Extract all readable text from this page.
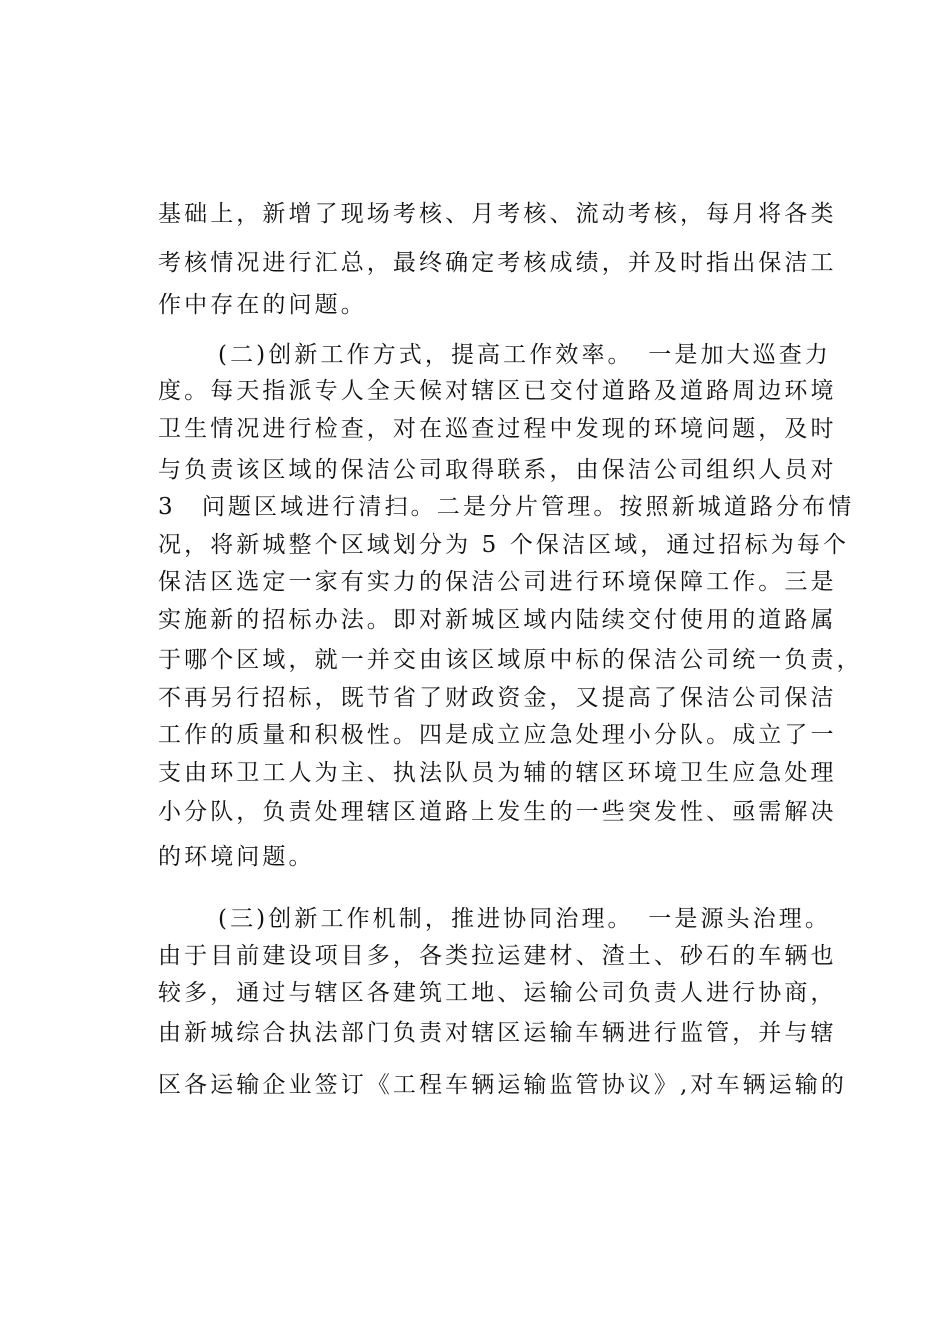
基础上，新增了现场考核、月考核、流动考核，每月将各类
考核情况进行汇总，最终确定考核成绩，并及时指出保洁工
作中存在的问题。
(二)创新工作方式，提高工作效率。　一是加大巡查力
度。每天指派专人全天候对辖区已交付道路及道路周边环境
卫生情况进行检查，对在巡查过程中发现的环境问题，及时
与负责该区域的保洁公司取得联系，由保洁公司组织人员对
3　问题区域进行清扫。二是分片管理。按照新城道路分布情
况，将新城整个区域划分为 5 个保洁区域，通过招标为每个
保洁区选定一家有实力的保洁公司进行环境保障工作。三是
实施新的招标办法。即对新城区域内陆续交付使用的道路属
于哪个区域，就一并交由该区域原中标的保洁公司统一负责，
不再另行招标，既节省了财政资金，又提高了保洁公司保洁
工作的质量和积极性。四是成立应急处理小分队。成立了一
支由环卫工人为主、执法队员为辅的辖区环境卫生应急处理
小分队，负责处理辖区道路上发生的一些突发性、亟需解决
的环境问题。
(三)创新工作机制，推进协同治理。　一是源头治理。
由于目前建设项目多，各类拉运建材、渣土、砂石的车辆也
较多，通过与辖区各建筑工地、运输公司负责人进行协商，
由新城综合执法部门负责对辖区运输车辆进行监管，并与辖
区各运输企业签订《工程车辆运输监管协议》,对车辆运输的
